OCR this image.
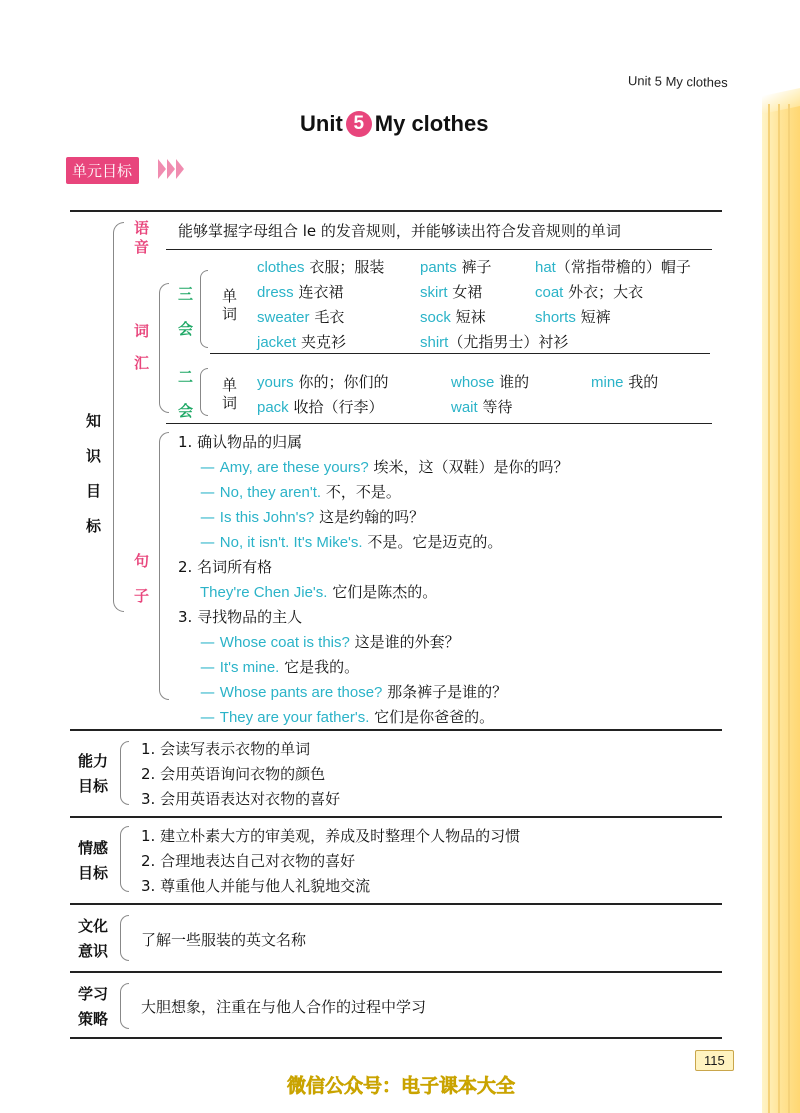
Unit 5 My clothes
Unit 5 My clothes
单元目标
知
识
目
标
语
音
能够掌握字母组合 le 的发音规则，并能够读出符合发音规则的单词
词
汇
三
会
单
词
clothes 衣服；服装 pants 裤子	hat（常指带檐的）帽子
dress 连衣裙	skirt 女裙	coat 外衣；大衣
sweater 毛衣	sock 短袜	shorts 短裤
jacket 夹克衫	shirt（尤指男士）衬衫
二
会
单
词
yours 你的；你们的	whose 谁的	mine 我的
pack 收拾（行李）	wait 等待
句
子
1. 确认物品的归属
— Amy, are these yours? 埃米，这（双鞋）是你的吗？
— No, they aren't. 不，不是。
— Is this John's? 这是约翰的吗？
— No, it isn't. It's Mike's. 不是。它是迈克的。
2. 名词所有格
They're Chen Jie's. 它们是陈杰的。
3. 寻找物品的主人
— Whose coat is this? 这是谁的外套？
— It's mine. 它是我的。
— Whose pants are those? 那条裤子是谁的？
— They are your father's. 它们是你爸爸的。
能力
目标
1. 会读写表示衣物的单词
2. 会用英语询问衣物的颜色
3. 会用英语表达对衣物的喜好
情感
目标
1. 建立朴素大方的审美观，养成及时整理个人物品的习惯
2. 合理地表达自己对衣物的喜好
3. 尊重他人并能与他人礼貌地交流
文化
意识
了解一些服装的英文名称
学习
策略
大胆想象，注重在与他人合作的过程中学习
115
微信公众号：电子课本大全
